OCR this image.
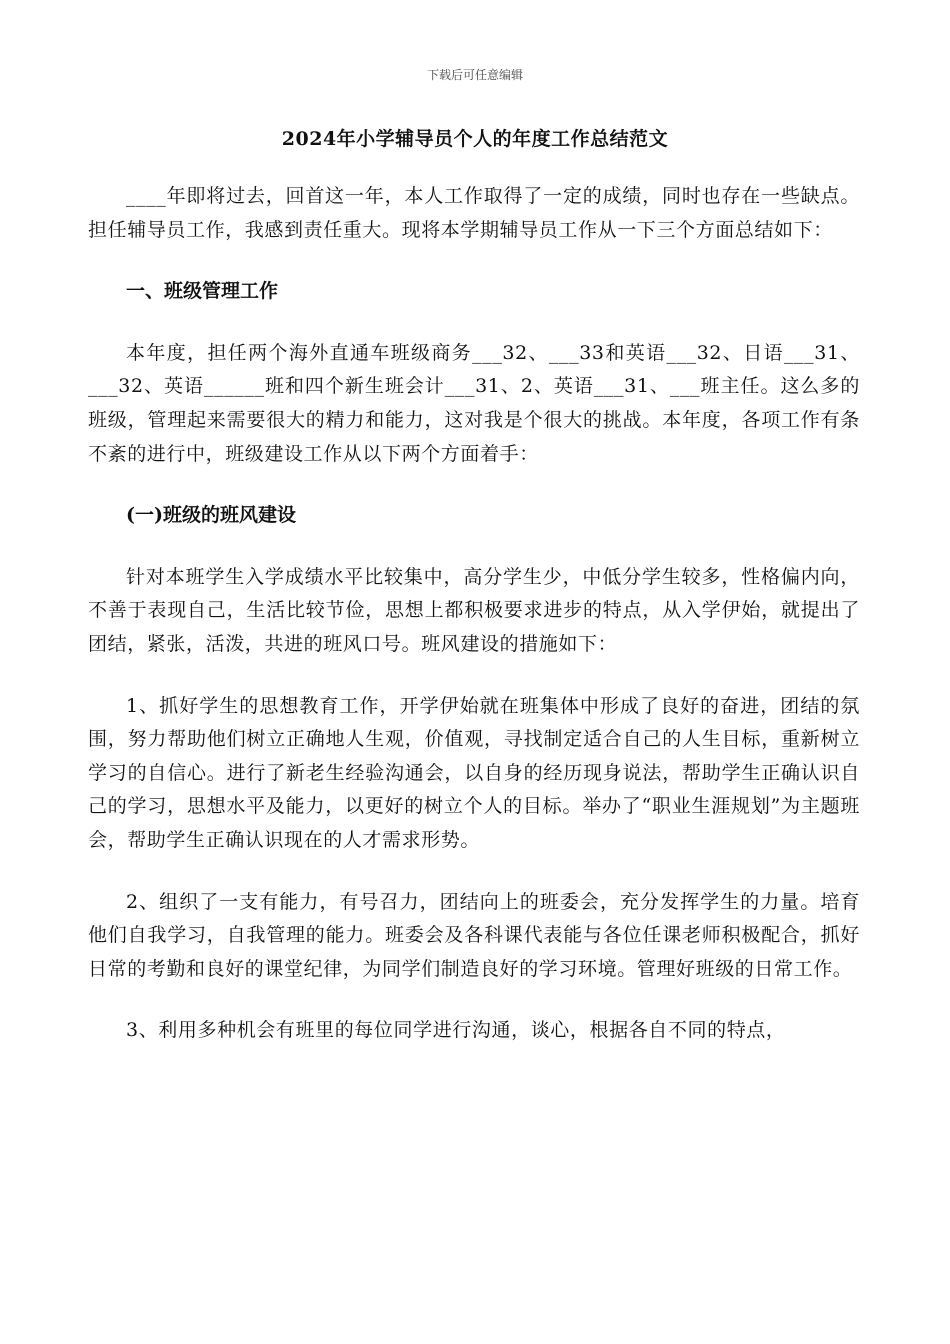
下载后可任意编辑
2024年小学辅导员个人的年度工作总结范文

____年即将过去，回首这一年，本人工作取得了一定的成绩，同时也存在一些缺点。担任辅导员工作，我感到责任重大。现将本学期辅导员工作从一下三个方面总结如下：

一、班级管理工作

本年度，担任两个海外直通车班级商务___32、___33和英语___32、日语___31、___32、英语______班和四个新生班会计___31、2、英语___31、___班主任。这么多的班级，管理起来需要很大的精力和能力，这对我是个很大的挑战。本年度，各项工作有条不紊的进行中，班级建设工作从以下两个方面着手：

(一)班级的班风建设

针对本班学生入学成绩水平比较集中，高分学生少，中低分学生较多，性格偏内向，不善于表现自己，生活比较节俭，思想上都积极要求进步的特点，从入学伊始，就提出了团结，紧张，活泼，共进的班风口号。班风建设的措施如下：

1、抓好学生的思想教育工作，开学伊始就在班集体中形成了良好的奋进，团结的氛围，努力帮助他们树立正确地人生观，价值观，寻找制定适合自己的人生目标，重新树立学习的自信心。进行了新老生经验沟通会，以自身的经历现身说法，帮助学生正确认识自己的学习，思想水平及能力，以更好的树立个人的目标。举办了“职业生涯规划”为主题班会，帮助学生正确认识现在的人才需求形势。

2、组织了一支有能力，有号召力，团结向上的班委会，充分发挥学生的力量。培育他们自我学习，自我管理的能力。班委会及各科课代表能与各位任课老师积极配合，抓好日常的考勤和良好的课堂纪律，为同学们制造良好的学习环境。管理好班级的日常工作。

3、利用多种机会有班里的每位同学进行沟通，谈心，根据各自不同的特点，
